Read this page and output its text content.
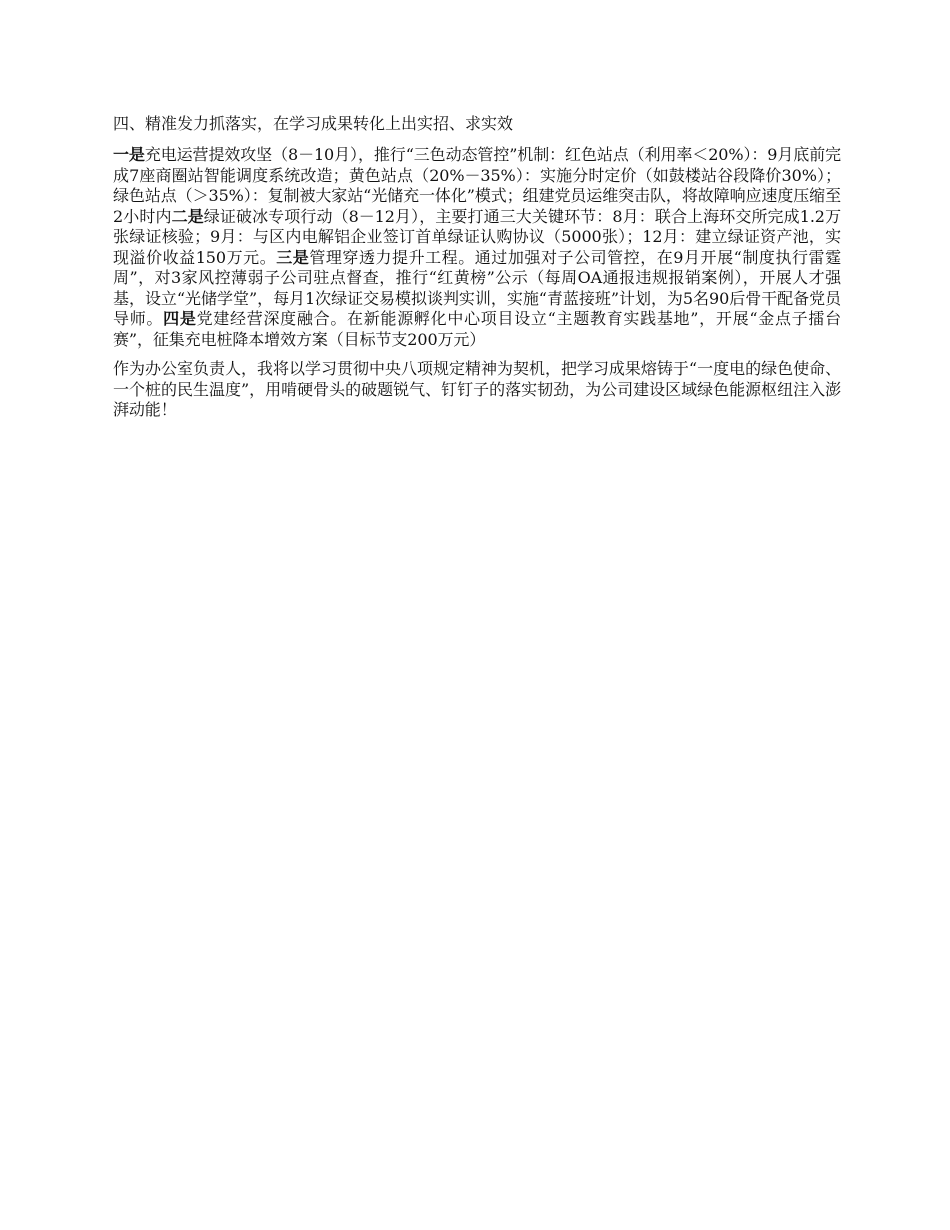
四、精准发力抓落实，在学习成果转化上出实招、求实效

一是充电运营提效攻坚（8－10月），推行“三色动态管控”机制：红色站点（利用率＜20%）：9月底前完成7座商圈站智能调度系统改造；黄色站点（20%－35%）：实施分时定价（如鼓楼站谷段降价30%）；绿色站点（＞35%）：复制被大家站“光储充一体化”模式；组建党员运维突击队，将故障响应速度压缩至2小时内二是绿证破冰专项行动（8－12月），主要打通三大关键环节：8月：联合上海环交所完成1.2万张绿证核验；9月：与区内电解铝企业签订首单绿证认购协议（5000张）；12月：建立绿证资产池，实现溢价收益150万元。三是管理穿透力提升工程。通过加强对子公司管控，在9月开展“制度执行雷霆周”，对3家风控薄弱子公司驻点督查，推行“红黄榜”公示（每周OA通报违规报销案例），开展人才强基，设立“光储学堂”，每月1次绿证交易模拟谈判实训，实施“青蓝接班”计划，为5名90后骨干配备党员导师。四是党建经营深度融合。在新能源孵化中心项目设立“主题教育实践基地”，开展“金点子擂台赛”，征集充电桩降本增效方案（目标节支200万元）

作为办公室负责人，我将以学习贯彻中央八项规定精神为契机，把学习成果熔铸于“一度电的绿色使命、一个桩的民生温度”，用啃硬骨头的破题锐气、钉钉子的落实韧劲，为公司建设区域绿色能源枢纽注入澎湃动能！
